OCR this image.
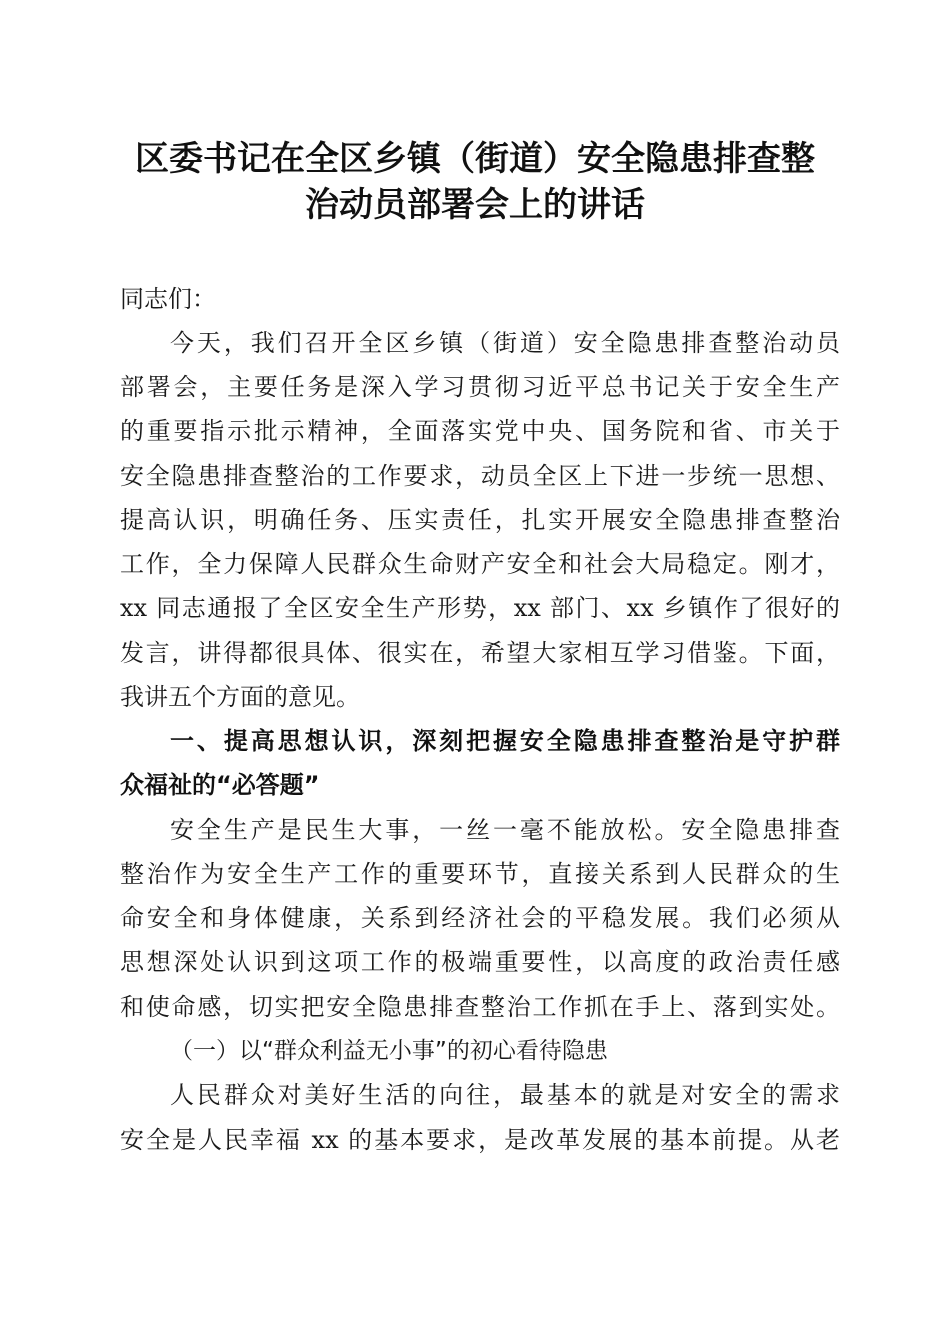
区委书记在全区乡镇（街道）安全隐患排查整
治动员部署会上的讲话
同志们：
今天，我们召开全区乡镇（街道）安全隐患排查整治动员
部署会，主要任务是深入学习贯彻习近平总书记关于安全生产
的重要指示批示精神，全面落实党中央、国务院和省、市关于
安全隐患排查整治的工作要求，动员全区上下进一步统一思想、
提高认识，明确任务、压实责任，扎实开展安全隐患排查整治
工作，全力保障人民群众生命财产安全和社会大局稳定。刚才，
xx 同志通报了全区安全生产形势，xx 部门、xx 乡镇作了很好的
发言，讲得都很具体、很实在，希望大家相互学习借鉴。下面，
我讲五个方面的意见。
一、提高思想认识，深刻把握安全隐患排查整治是守护群
众福祉的“必答题”
安全生产是民生大事，一丝一毫不能放松。安全隐患排查
整治作为安全生产工作的重要环节，直接关系到人民群众的生
命安全和身体健康，关系到经济社会的平稳发展。我们必须从
思想深处认识到这项工作的极端重要性，以高度的政治责任感
和使命感，切实把安全隐患排查整治工作抓在手上、落到实处。
（一）以“群众利益无小事”的初心看待隐患
人民群众对美好生活的向往，最基本的就是对安全的需求
安全是人民幸福 xx 的基本要求，是改革发展的基本前提。从老
